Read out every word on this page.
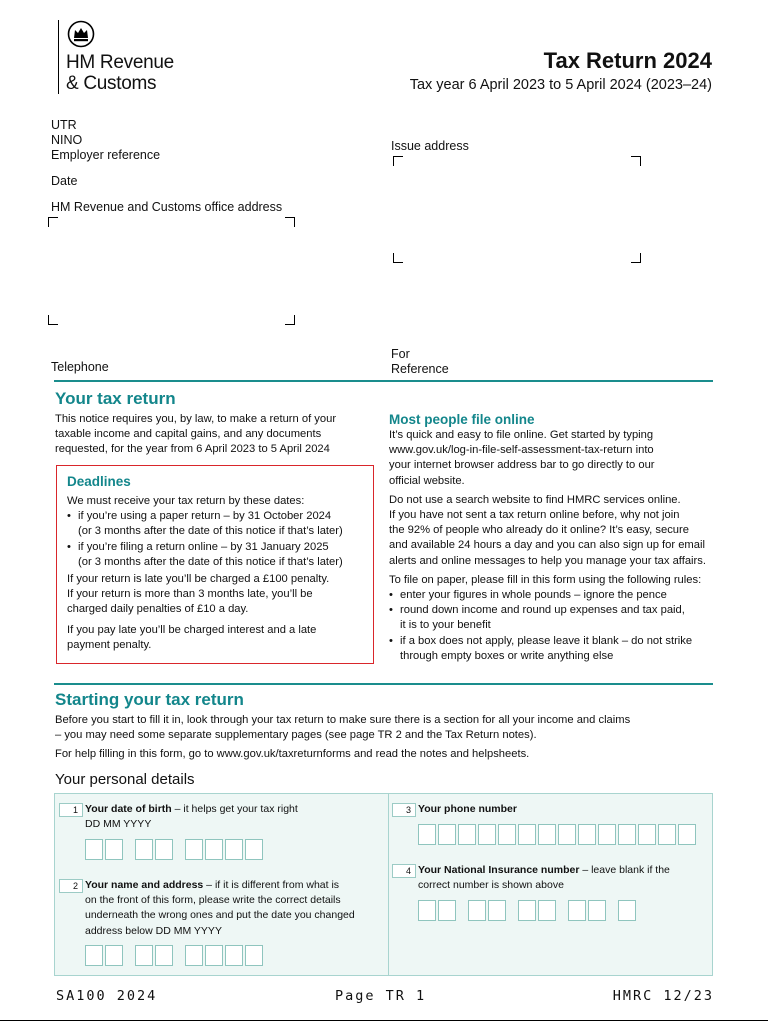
HM Revenue
& Customs
Tax Return 2024
Tax year 6 April 2023 to 5 April 2024 (2023–24)
UTR
NINO
Employer reference
Date
HM Revenue and Customs office address
Telephone
Issue address
For
Reference
Your tax return
This notice requires you, by law, to make a return of your
taxable income and capital gains, and any documents
requested, for the year from 6 April 2023 to 5 April 2024
Deadlines
We must receive your tax return by these dates:
• if you’re using a paper return – by 31 October 2024
(or 3 months after the date of this notice if that’s later)
• if you’re filing a return online – by 31 January 2025
(or 3 months after the date of this notice if that’s later)
If your return is late you’ll be charged a £100 penalty.
If your return is more than 3 months late, you’ll be
charged daily penalties of £10 a day.
If you pay late you’ll be charged interest and a late
payment penalty.
Most people file online
It’s quick and easy to file online. Get started by typing
www.gov.uk/log-in-file-self-assessment-tax-return into
your internet browser address bar to go directly to our
official website.
Do not use a search website to find HMRC services online.
If you have not sent a tax return online before, why not join
the 92% of people who already do it online? It’s easy, secure
and available 24 hours a day and you can also sign up for email
alerts and online messages to help you manage your tax affairs.
To file on paper, please fill in this form using the following rules:
• enter your figures in whole pounds – ignore the pence
• round down income and round up expenses and tax paid,
it is to your benefit
• if a box does not apply, please leave it blank – do not strike
through empty boxes or write anything else
Starting your tax return
Before you start to fill it in, look through your tax return to make sure there is a section for all your income and claims
– you may need some separate supplementary pages (see page TR 2 and the Tax Return notes).
For help filling in this form, go to www.gov.uk/taxreturnforms and read the notes and helpsheets.
Your personal details
1 Your date of birth – it helps get your tax right
DD MM YYYY
2 Your name and address – if it is different from what is
on the front of this form, please write the correct details
underneath the wrong ones and put the date you changed
address below DD MM YYYY
3 Your phone number
4 Your National Insurance number – leave blank if the
correct number is shown above
SA100 2024	Page TR 1	HMRC 12/23
